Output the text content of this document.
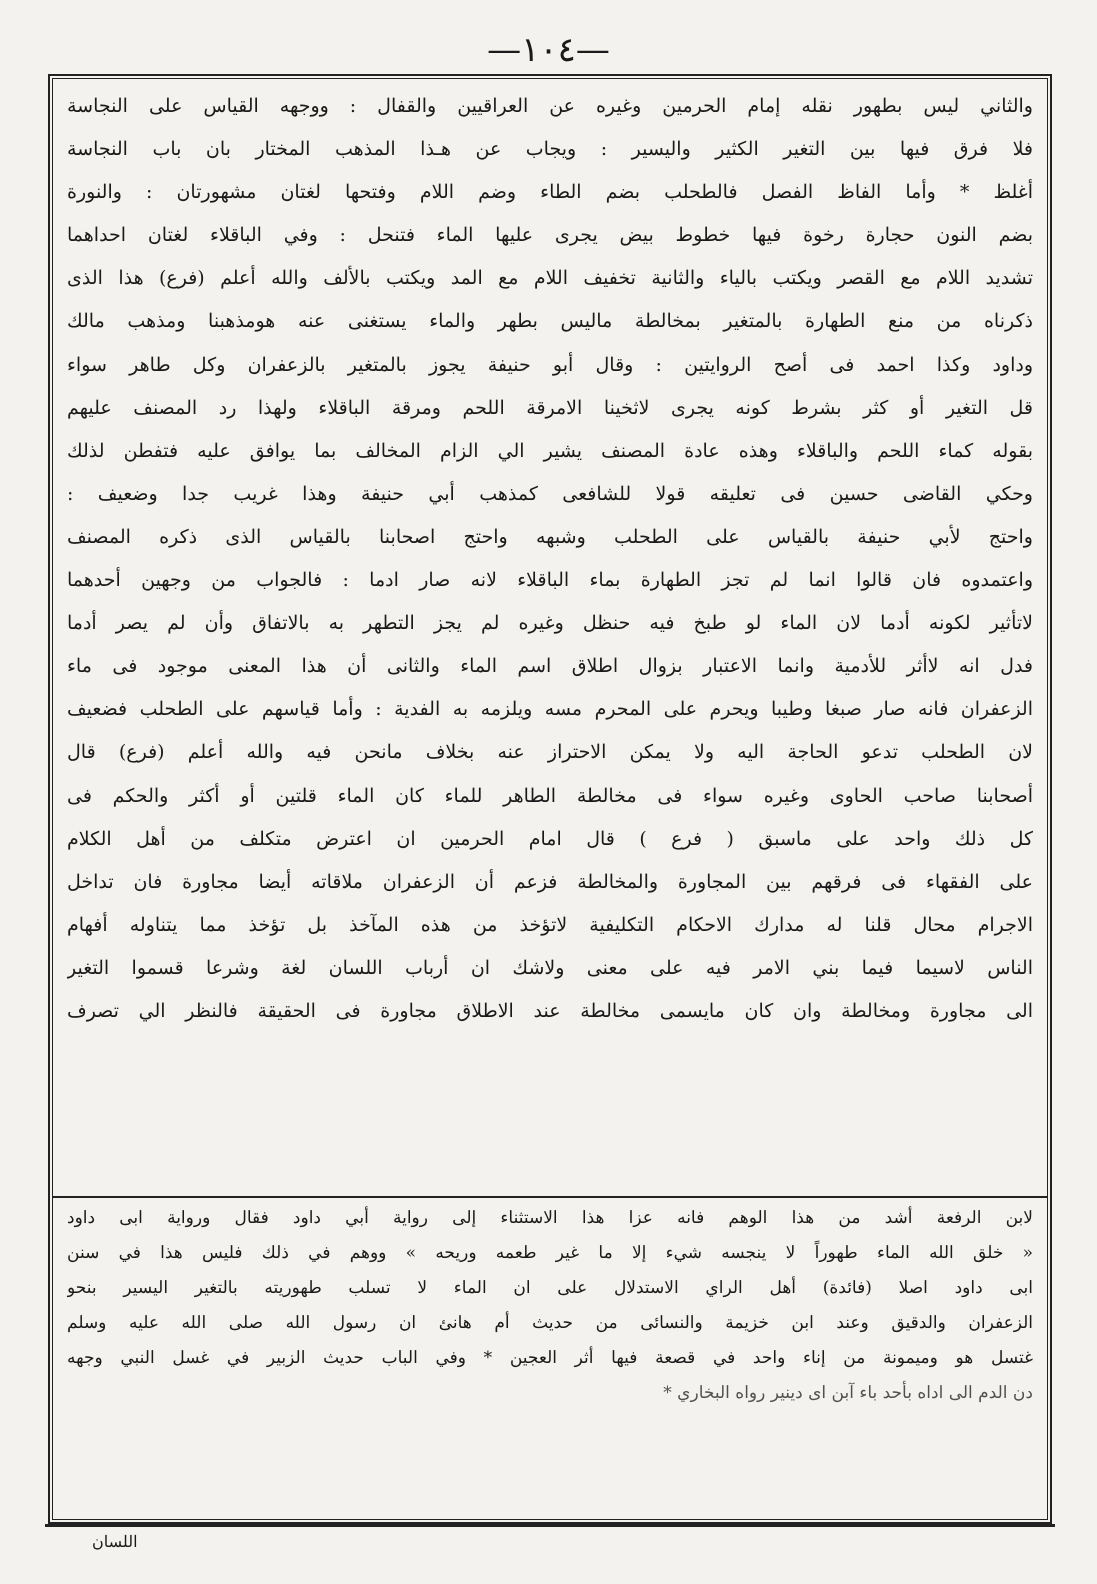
—١٠٤—
والثاني ليس بطهور نقله إمام الحرمين وغيره عن العراقيين والقفال : ووجهه القياس على النجاسة
فلا فرق فيها بين التغير الكثير واليسير : ويجاب عن هـذا المذهب المختار بان باب النجاسة
أغلظ * وأما الفاظ الفصل فالطحلب بضم الطاء وضم اللام وفتحها لغتان مشهورتان : والنورة
بضم النون حجارة رخوة فيها خطوط بيض يجرى عليها الماء فتنحل : وفي الباقلاء لغتان احداهما
تشديد اللام مع القصر ويكتب بالياء والثانية تخفيف اللام مع المد ويكتب بالألف والله أعلم (فرع) هذا الذى
ذكرناه من منع الطهارة بالمتغير بمخالطة ماليس بطهر والماء يستغنى عنه هومذهبنا ومذهب مالك
وداود وكذا احمد فى أصح الروايتين : وقال أبو حنيفة يجوز بالمتغير بالزعفران وكل طاهر سواء
قل التغير أو كثر بشرط كونه يجرى لاثخينا الامرقة اللحم ومرقة الباقلاء ولهذا رد المصنف عليهم
بقوله كماء اللحم والباقلاء وهذه عادة المصنف يشير الي الزام المخالف بما يوافق عليه فتفطن لذلك
وحكي القاضى حسين فى تعليقه قولا للشافعى كمذهب أبي حنيفة وهذا غريب جدا وضعيف :
واحتج لأبي حنيفة بالقياس على الطحلب وشبهه واحتج اصحابنا بالقياس الذى ذكره المصنف
واعتمدوه فان قالوا انما لم تجز الطهارة بماء الباقلاء لانه صار ادما : فالجواب من وجهين أحدهما
لاتأثير لكونه أدما لان الماء لو طبخ فيه حنظل وغيره لم يجز التطهر به بالاتفاق وأن لم يصر أدما
فدل انه لاأثر للأدمية وانما الاعتبار بزوال اطلاق اسم الماء والثانى أن هذا المعنى موجود فى ماء
الزعفران فانه صار صبغا وطيبا ويحرم على المحرم مسه ويلزمه به الفدية : وأما قياسهم على الطحلب فضعيف
لان الطحلب تدعو الحاجة اليه ولا يمكن الاحتراز عنه بخلاف مانحن فيه والله أعلم (فرع) قال
أصحابنا صاحب الحاوى وغيره سواء فى مخالطة الطاهر للماء كان الماء قلتين أو أكثر والحكم فى
كل ذلك واحد على ماسبق ( فرع ) قال امام الحرمين ان اعترض متكلف من أهل الكلام
على الفقهاء فى فرقهم بين المجاورة والمخالطة فزعم أن الزعفران ملاقاته أيضا مجاورة فان تداخل
الاجرام محال قلنا له مدارك الاحكام التكليفية لاتؤخذ من هذه المآخذ بل تؤخذ مما يتناوله أفهام
الناس لاسيما فيما بني الامر فيه على معنى ولاشك ان أرباب اللسان لغة وشرعا قسموا التغير
الى مجاورة ومخالطة وان كان مايسمى مخالطة عند الاطلاق مجاورة فى الحقيقة فالنظر الي تصرف
لابن الرفعة أشد من هذا الوهم فانه عزا هذا الاستثناء إلى رواية أبي داود فقال ورواية ابى داود
« خلق الله الماء طهوراً لا ينجسه شيء إلا ما غير طعمه وريحه » ووهم في ذلك فليس هذا في سنن
ابى داود اصلا (فائدة) أهل الراي الاستدلال على ان الماء لا تسلب طهوريته بالتغير اليسير بنحو
الزعفران والدقيق وعند ابن خزيمة والنسائى من حديث أم هانئ ان رسول الله صلى الله عليه وسلم
غتسل هو وميمونة من إناء واحد في قصعة فيها أثر العجين * وفي الباب حديث الزبير في غسل النبي وجهه
دن الدم الى اداه بأحد باء آبن اى دينير رواه البخاري *
اللسان
